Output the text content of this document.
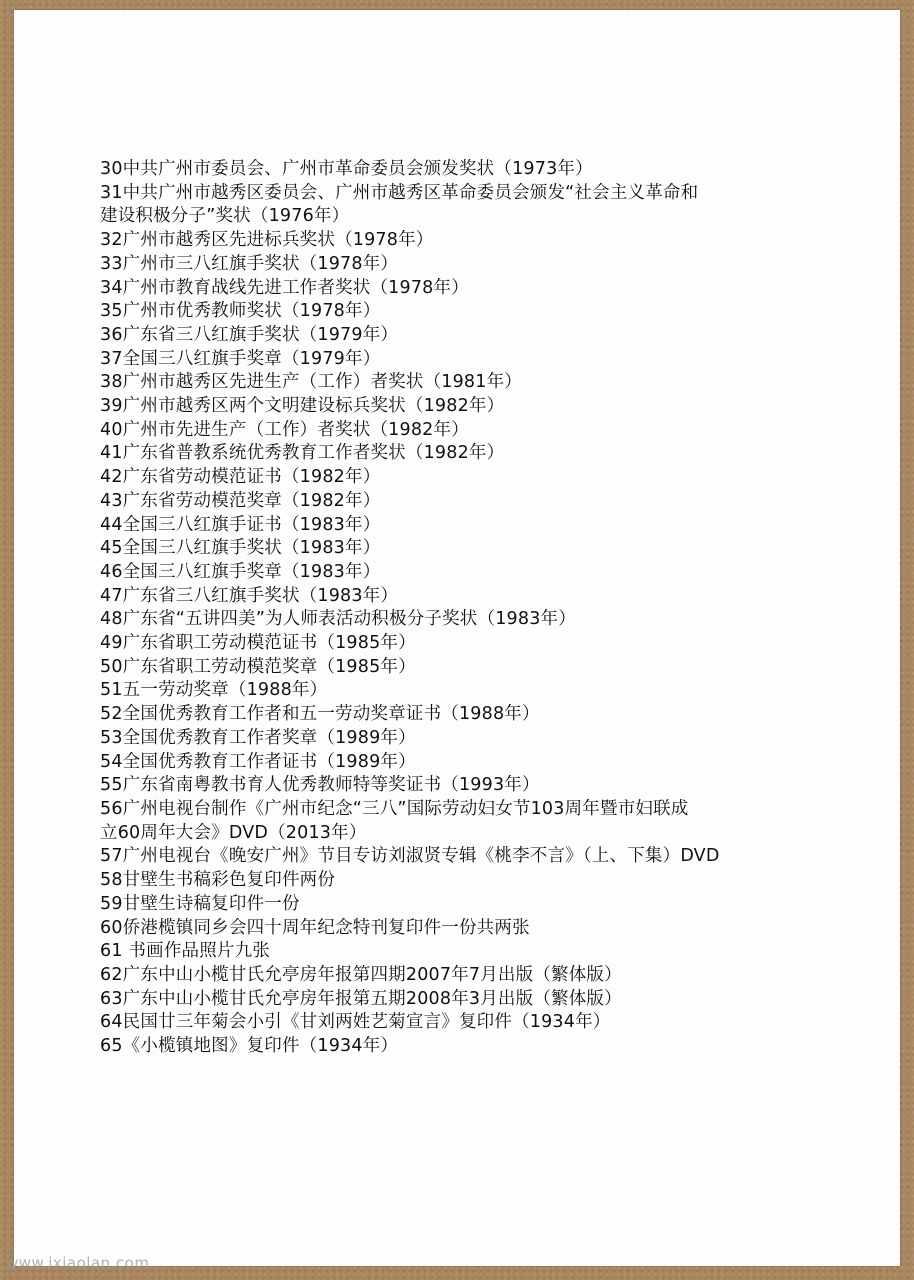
30中共广州市委员会、广州市革命委员会颁发奖状（1973年）
31中共广州市越秀区委员会、广州市越秀区革命委员会颁发“社会主义革命和
建设积极分子”奖状（1976年）
32广州市越秀区先进标兵奖状（1978年）
33广州市三八红旗手奖状（1978年）
34广州市教育战线先进工作者奖状（1978年）
35广州市优秀教师奖状（1978年）
36广东省三八红旗手奖状（1979年）
37全国三八红旗手奖章（1979年）
38广州市越秀区先进生产（工作）者奖状（1981年）
39广州市越秀区两个文明建设标兵奖状（1982年）
40广州市先进生产（工作）者奖状（1982年）
41广东省普教系统优秀教育工作者奖状（1982年）
42广东省劳动模范证书（1982年）
43广东省劳动模范奖章（1982年）
44全国三八红旗手证书（1983年）
45全国三八红旗手奖状（1983年）
46全国三八红旗手奖章（1983年）
47广东省三八红旗手奖状（1983年）
48广东省“五讲四美”为人师表活动积极分子奖状（1983年）
49广东省职工劳动模范证书（1985年）
50广东省职工劳动模范奖章（1985年）
51五一劳动奖章（1988年）
52全国优秀教育工作者和五一劳动奖章证书（1988年）
53全国优秀教育工作者奖章（1989年）
54全国优秀教育工作者证书（1989年）
55广东省南粤教书育人优秀教师特等奖证书（1993年）
56广州电视台制作《广州市纪念“三八”国际劳动妇女节103周年暨市妇联成
立60周年大会》DVD（2013年）
57广州电视台《晚安广州》节目专访刘淑贤专辑《桃李不言》（上、下集）DVD
58甘壁生书稿彩色复印件两份
59甘壁生诗稿复印件一份
60侨港榄镇同乡会四十周年纪念特刊复印件一份共两张
61 书画作品照片九张
62广东中山小榄甘氏允亭房年报第四期2007年7月出版（繁体版）
63广东中山小榄甘氏允亭房年报第五期2008年3月出版（繁体版）
64民国廿三年菊会小引《甘刘两姓艺菊宣言》复印件（1934年）
65《小榄镇地图》复印件（1934年）
www.ixiaolan.com
